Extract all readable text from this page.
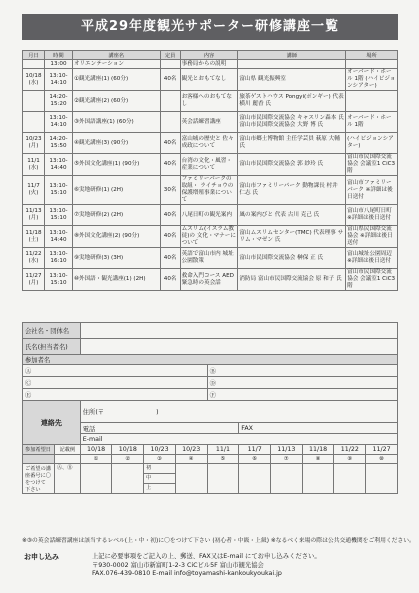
平成29年度観光サポーター研修講座一覧
月日	時間	講座名	定員	内容	講師	場所
	13:00	オリエンテーション		事務局からの説明		
10/18 (水)	13:10- 14:10	①観光講座(1) (60分)	40名	観光とおもてなし	富山県 観光振興室	オーバード・ホール 1階 (ハイビジョンシアター)
	14:20- 15:20	②観光講座(2) (60分)		お客様へのおもてなし	旅茶ゲストハウス Pongyi(ポンギー) 代表 横川 麗香 氏	
	13:10- 14:10	③外国語講座(1) (60分)		英会話練習講座	富山市民国際交流協会 キャスリン森本 氏 富山市民国際交流協会 大野 博 氏	オーバード・ホール 1階
10/23 (月)	14:20- 15:50	④観光講座(3) (90分)	40名	富山城の歴史と 佐々成政について	富山市郷土博物館 主任学芸員 萩原 大輔 氏	(ハイビジョンシアター)
11/1 (水)	13:10- 14:40	⑤外国文化講座(1) (90分)	40名	台湾の文化・風習・ 産業について	富山市民国際交流協会 郭 紗玲 氏	富山市民国際交流協会 会議室1 CiC3階
11/7 (火)	13:10- 15:10	⑥実地研修(1) (2H)	30名	ファミリーパークの取組・ ライチョウの 保護増殖事業について	富山市ファミリーパーク 動物課長 村井 仁志 氏	富山市ファミリーパーク ※詳細は後日送付
11/13 (月)	13:10- 15:10	⑦実地研修(2) (2H)	40名	八尾日町の観光案内	風の案内びと 代表 古川 克己 氏	富山市八尾町日町 ※詳細は後日送付
11/18 (土)	13:10- 14:40	⑧外国文化講座(2) (90分)	40名	ムスリム(イスラム教徒)の 文化・マナーについて	富山ムスリムセンター(TMC) 代表理事 サリム・マゼン 氏	富山県民国際交流協会 ※詳細は後日送付
11/22 (水)	13:10- 16:10	⑨実地研修(3) (3H)	40名	英語で富山市内 城址公園散策	富山市民国際交流協会 榊保 正 氏	富山城址公園周辺 ※詳細は後日送付
11/27 (月)	13:10- 15:10	⑩外国語・観光講座(1) (2H)	40名	救命入門コース AED 緊急時の英会話	消防局 富山市民国際交流協会 原 和子 氏	富山市民国際交流協会 会議室1 CiC3階
会社名・団体名											
氏名(担当者名)											
参加者名											
Ⓐ						Ⓑ					
Ⓒ						Ⓓ					
Ⓔ						Ⓕ					
連絡先		住所(〒 )									
		電話					FAX				
		E-mail									
参加希望日	記載例	10/18	10/18	10/23	10/23	11/1	11/7	11/13	11/18	11/22	11/27
		①	②	③	④	⑤	⑥	⑦	⑧	⑨	⑩
ご希望の講座番号に〇をつけて 下さい	Ⓐ、Ⓑ			初
中
上							

※③の英会話練習講座は該当するレベル(上・中・初)に〇をつけて下さい (初心者・中級・上級) ※なるべく来場の際は公共交通機関をご利用ください。
お申し込み	上記に必要事項をご記入の上、郵送、FAX又はE-mail にてお申し込みください。
〒930-0002 富山市新富町1-2-3 CiCビル5F 富山市観光協会
FAX.076-439-0810 E-mail info@toyamashi-kankoukyoukai.jp
